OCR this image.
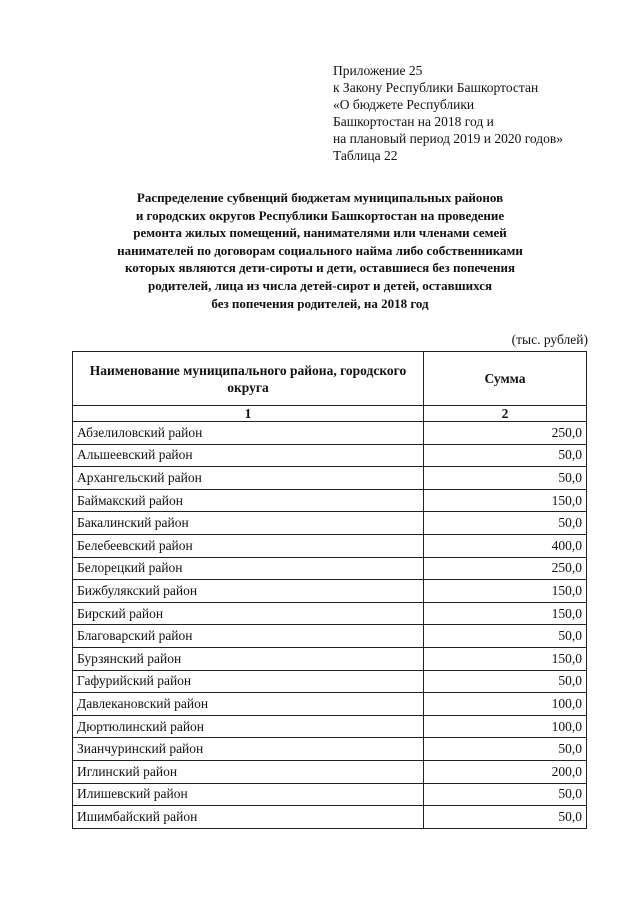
Приложение 25
к Закону Республики Башкортостан
«О бюджете Республики
Башкортостан на 2018 год и
на плановый период 2019 и 2020 годов»
Таблица 22
Распределение субвенций бюджетам муниципальных районов
и городских округов Республики Башкортостан на проведение
ремонта жилых помещений, нанимателями или членами семей
нанимателей по договорам социального найма либо собственниками
которых являются дети-сироты и дети, оставшиеся без попечения
родителей, лица из числа детей-сирот и детей, оставшихся
без попечения родителей, на 2018 год
(тыс. рублей)
Наименование муниципального района, городского округа	Сумма
1	2
Абзелиловский район	250,0
Альшеевский район	50,0
Архангельский район	50,0
Баймакский район	150,0
Бакалинский район	50,0
Белебеевский район	400,0
Белорецкий район	250,0
Бижбулякский район	150,0
Бирский район	150,0
Благоварский район	50,0
Бурзянский район	150,0
Гафурийский район	50,0
Давлекановский район	100,0
Дюртюлинский район	100,0
Зианчуринский район	50,0
Иглинский район	200,0
Илишевский район	50,0
Ишимбайский район	50,0
